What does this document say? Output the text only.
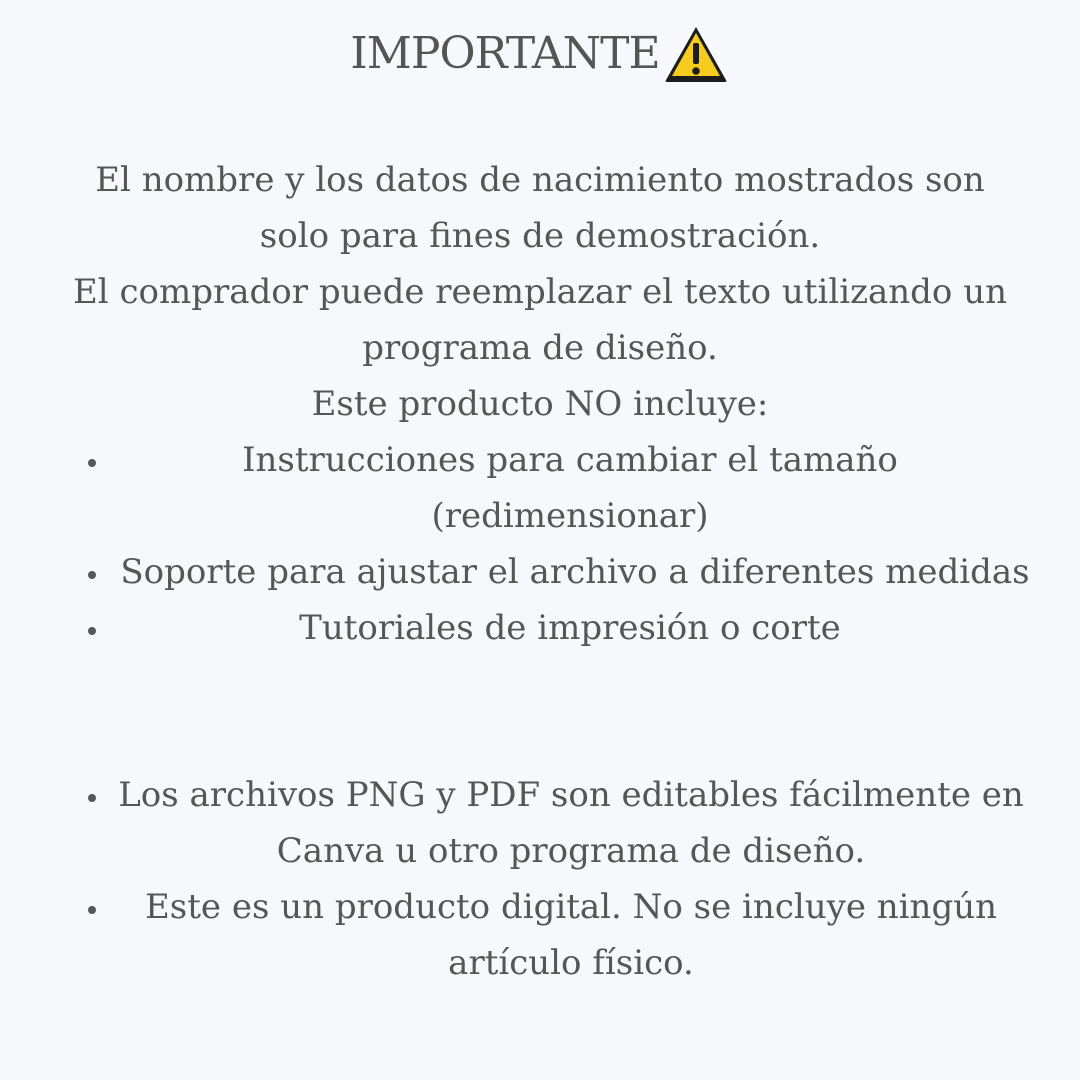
IMPORTANTE
El nombre y los datos de nacimiento mostrados son
solo para fines de demostración.
El comprador puede reemplazar el texto utilizando un
programa de diseño.
Este producto NO incluye:
Instrucciones para cambiar el tamaño
(redimensionar)
Soporte para ajustar el archivo a diferentes medidas
Tutoriales de impresión o corte
Los archivos PNG y PDF son editables fácilmente en
Canva u otro programa de diseño.
Este es un producto digital. No se incluye ningún
artículo físico.
